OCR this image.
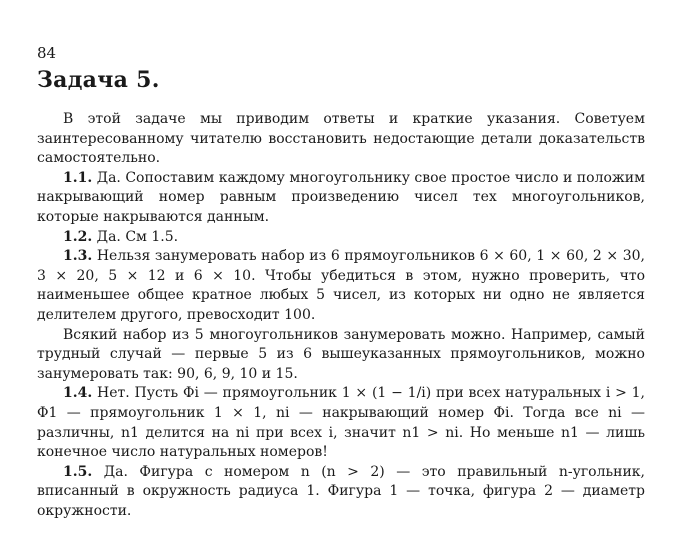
84
Задача 5.

В этой задаче мы приводим ответы и краткие указания. Советуем заинтересованному читателю восстановить недостающие детали доказательств самостоятельно.

1.1. Да. Сопоставим каждому многоугольнику свое простое число и положим накрывающий номер равным произведению чисел тех многоугольников, которые накрываются данным.

1.2. Да. См 1.5.

1.3. Нельзя занумеровать набор из 6 прямоугольников 6 × 60, 1 × 60, 2 × 30, 3 × 20, 5 × 12 и 6 × 10. Чтобы убедиться в этом, нужно проверить, что наименьшее общее кратное любых 5 чисел, из которых ни одно не является делителем другого, превосходит 100.

Всякий набор из 5 многоугольников занумеровать можно. Например, самый трудный случай — первые 5 из 6 вышеуказанных прямоугольников, можно занумеровать так: 90, 6, 9, 10 и 15.

1.4. Нет. Пусть Φi — прямоугольник 1 × (1 − 1/i) при всех натуральных i > 1, Φ1 — прямоугольник 1 × 1, ni — накрывающий номер Φi. Тогда все ni — различны, n1 делится на ni при всех i, значит n1 > ni. Но меньше n1 — лишь конечное число натуральных номеров!

1.5. Да. Фигура с номером n (n > 2) — это правильный n-угольник, вписанный в окружность радиуса 1. Фигура 1 — точка, фигура 2 — диаметр окружности.
